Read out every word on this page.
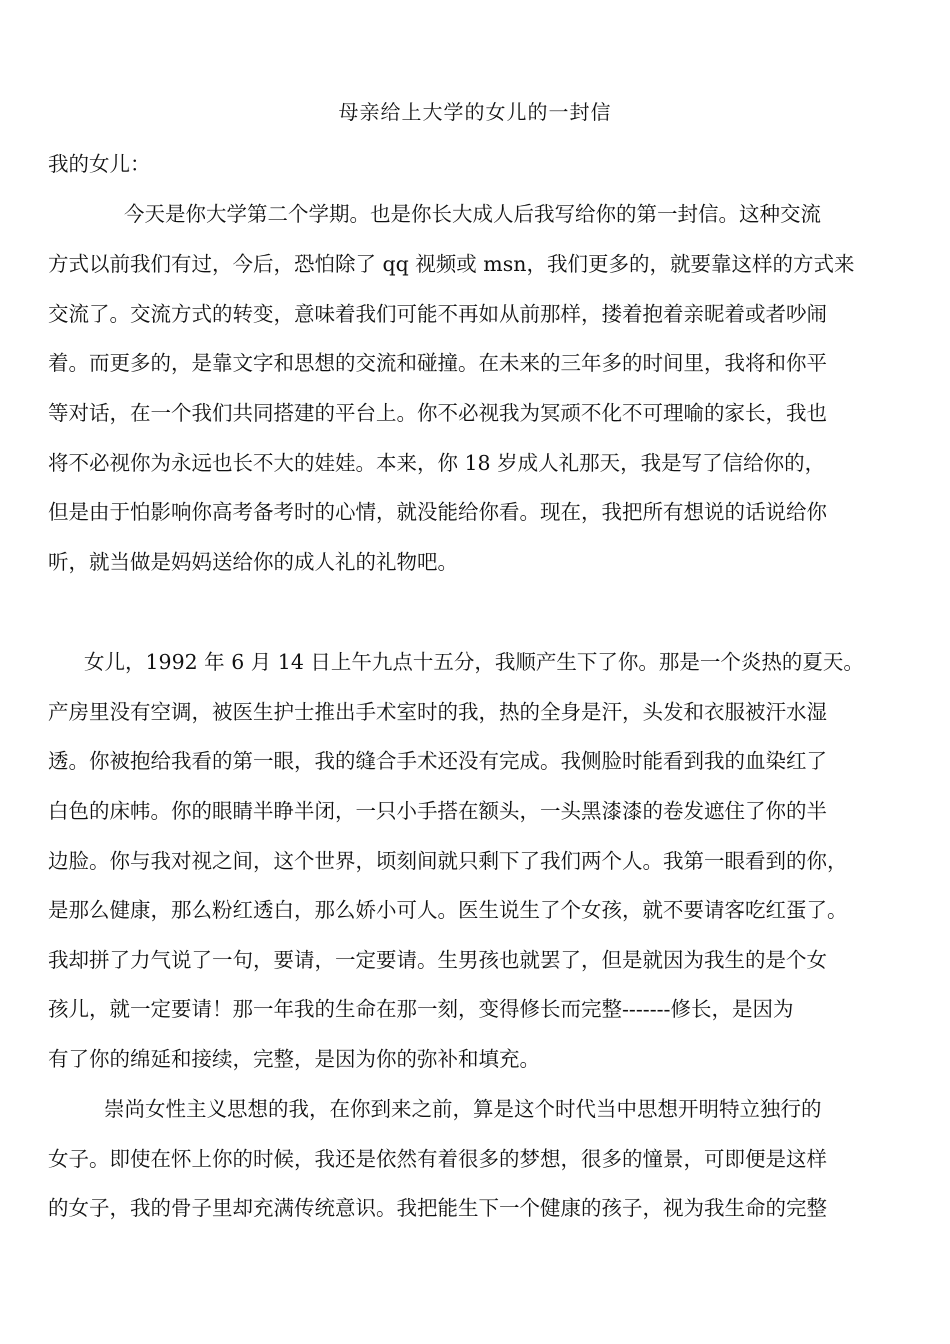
母亲给上大学的女儿的一封信
我的女儿：
今天是你大学第二个学期。也是你长大成人后我写给你的第一封信。这种交流
方式以前我们有过，今后，恐怕除了 qq 视频或 msn，我们更多的，就要靠这样的方式来
交流了。交流方式的转变，意味着我们可能不再如从前那样，搂着抱着亲昵着或者吵闹
着。而更多的，是靠文字和思想的交流和碰撞。在未来的三年多的时间里，我将和你平
等对话，在一个我们共同搭建的平台上。你不必视我为冥顽不化不可理喻的家长，我也
将不必视你为永远也长不大的娃娃。本来，你 18 岁成人礼那天，我是写了信给你的，
但是由于怕影响你高考备考时的心情，就没能给你看。现在，我把所有想说的话说给你
听，就当做是妈妈送给你的成人礼的礼物吧。
女儿，1992 年 6 月 14 日上午九点十五分，我顺产生下了你。那是一个炎热的夏天。
产房里没有空调，被医生护士推出手术室时的我，热的全身是汗，头发和衣服被汗水湿
透。你被抱给我看的第一眼，我的缝合手术还没有完成。我侧脸时能看到我的血染红了
白色的床帏。你的眼睛半睁半闭，一只小手搭在额头，一头黑漆漆的卷发遮住了你的半
边脸。你与我对视之间，这个世界，顷刻间就只剩下了我们两个人。我第一眼看到的你，
是那么健康，那么粉红透白，那么娇小可人。医生说生了个女孩，就不要请客吃红蛋了。
我却拼了力气说了一句，要请，一定要请。生男孩也就罢了，但是就因为我生的是个女
孩儿，就一定要请！那一年我的生命在那一刻，变得修长而完整-------修长，是因为
有了你的绵延和接续，完整，是因为你的弥补和填充。
崇尚女性主义思想的我，在你到来之前，算是这个时代当中思想开明特立独行的
女子。即使在怀上你的时候，我还是依然有着很多的梦想，很多的憧景，可即便是这样
的女子，我的骨子里却充满传统意识。我把能生下一个健康的孩子，视为我生命的完整
